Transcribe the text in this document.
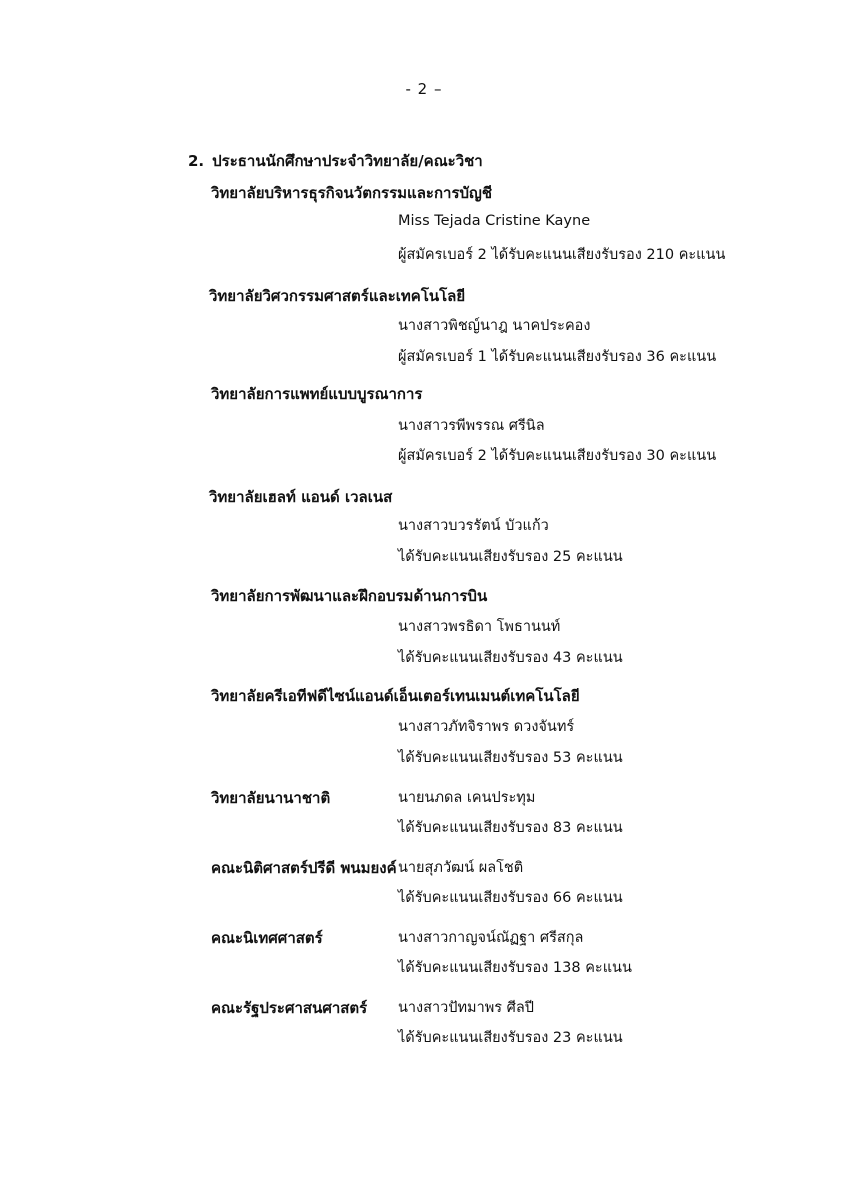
- 2 –
2. ประธานนักศึกษาประจำวิทยาลัย/คณะวิชา
วิทยาลัยบริหารธุรกิจนวัตกรรมและการบัญชี
Miss Tejada Cristine Kayne
ผู้สมัครเบอร์ 2 ได้รับคะแนนเสียงรับรอง 210 คะแนน
วิทยาลัยวิศวกรรมศาสตร์และเทคโนโลยี
นางสาวพิชญ์นาฎ นาคประคอง
ผู้สมัครเบอร์ 1 ได้รับคะแนนเสียงรับรอง 36 คะแนน
วิทยาลัยการแพทย์แบบบูรณาการ
นางสาวรพีพรรณ ศรีนิล
ผู้สมัครเบอร์ 2 ได้รับคะแนนเสียงรับรอง 30 คะแนน
วิทยาลัยเฮลท์ แอนด์ เวลเนส
นางสาวบวรรัตน์ บัวแก้ว
ได้รับคะแนนเสียงรับรอง 25 คะแนน
วิทยาลัยการพัฒนาและฝึกอบรมด้านการบิน
นางสาวพรธิดา โพธานนท์
ได้รับคะแนนเสียงรับรอง 43 คะแนน
วิทยาลัยครีเอทีฟดีไซน์แอนด์เอ็นเตอร์เทนเมนต์เทคโนโลยี
นางสาวภัทจิราพร ดวงจันทร์
ได้รับคะแนนเสียงรับรอง 53 คะแนน
วิทยาลัยนานาชาติ	นายนภดล เคนประทุม
ได้รับคะแนนเสียงรับรอง 83 คะแนน
คณะนิติศาสตร์ปรีดี พนมยงค์ นายสุภวัฒน์ ผลโชติ
ได้รับคะแนนเสียงรับรอง 66 คะแนน
คณะนิเทศศาสตร์	นางสาวกาญจน์ณัฏฐา ศรีสกุล
ได้รับคะแนนเสียงรับรอง 138 คะแนน
คณะรัฐประศาสนศาสตร์ นางสาวปัทมาพร ศีลปี
ได้รับคะแนนเสียงรับรอง 23 คะแนน
